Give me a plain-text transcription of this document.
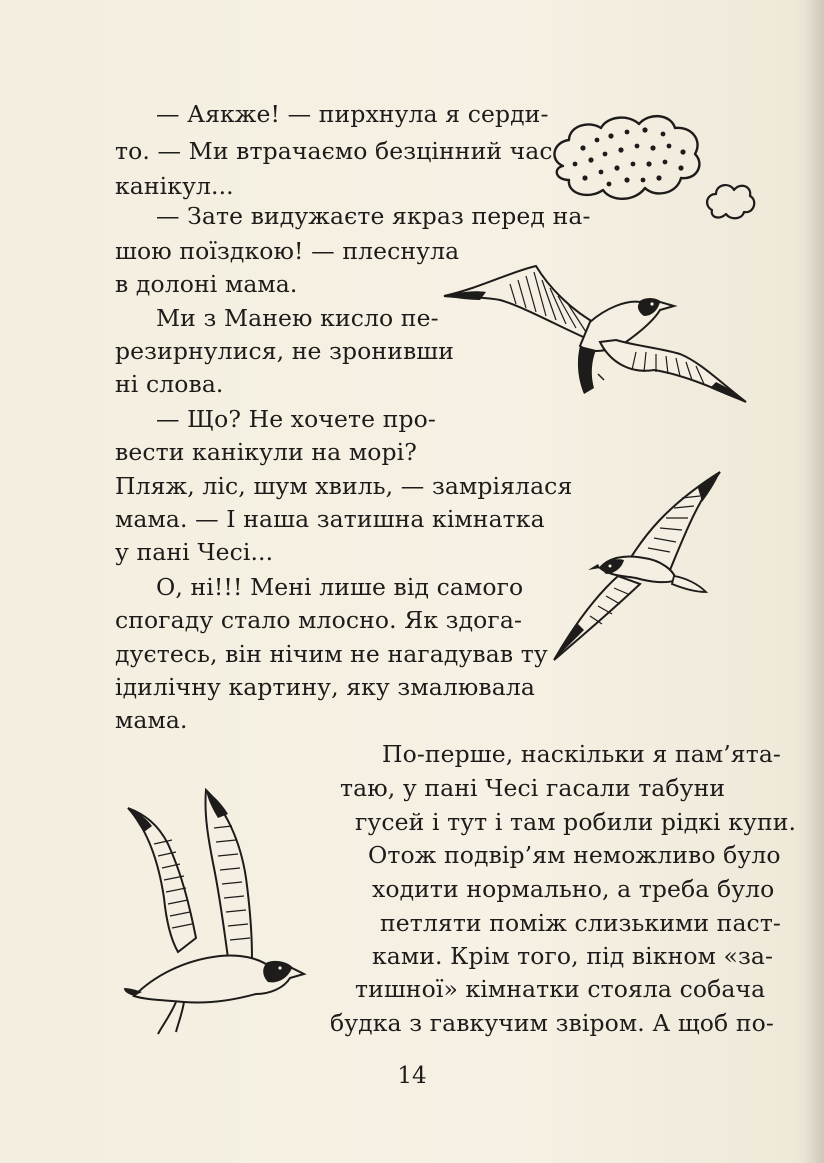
— Аякже! — пирхнула я серди-
то. — Ми втрачаємо безцінний час
канікул...
— Зате видужаєте якраз перед на-
шою поїздкою! — плеснула
в долоні мама.
Ми з Манею кисло пе-
резирнулися, не зронивши
ні слова.
— Що? Не хочете про-
вести канікули на морі?
Пляж, ліс, шум хвиль, — замріялася
мама. — І наша затишна кімнатка
у пані Чесі...
О, ні!!! Мені лише від самого
спогаду стало млосно. Як здога-
дуєтесь, він нічим не нагадував ту
ідилічну картину, яку змалювала
мама.
По-перше, наскільки я пам’ята-
таю, у пані Чесі гасали табуни
гусей і тут і там робили рідкі купи.
Отож подвір’ям неможливо було
ходити нормально, а треба було
петляти поміж слизькими паст-
ками. Крім того, під вікном «за-
тишної» кімнатки стояла собача
будка з гавкучим звіром. А щоб по-
14
